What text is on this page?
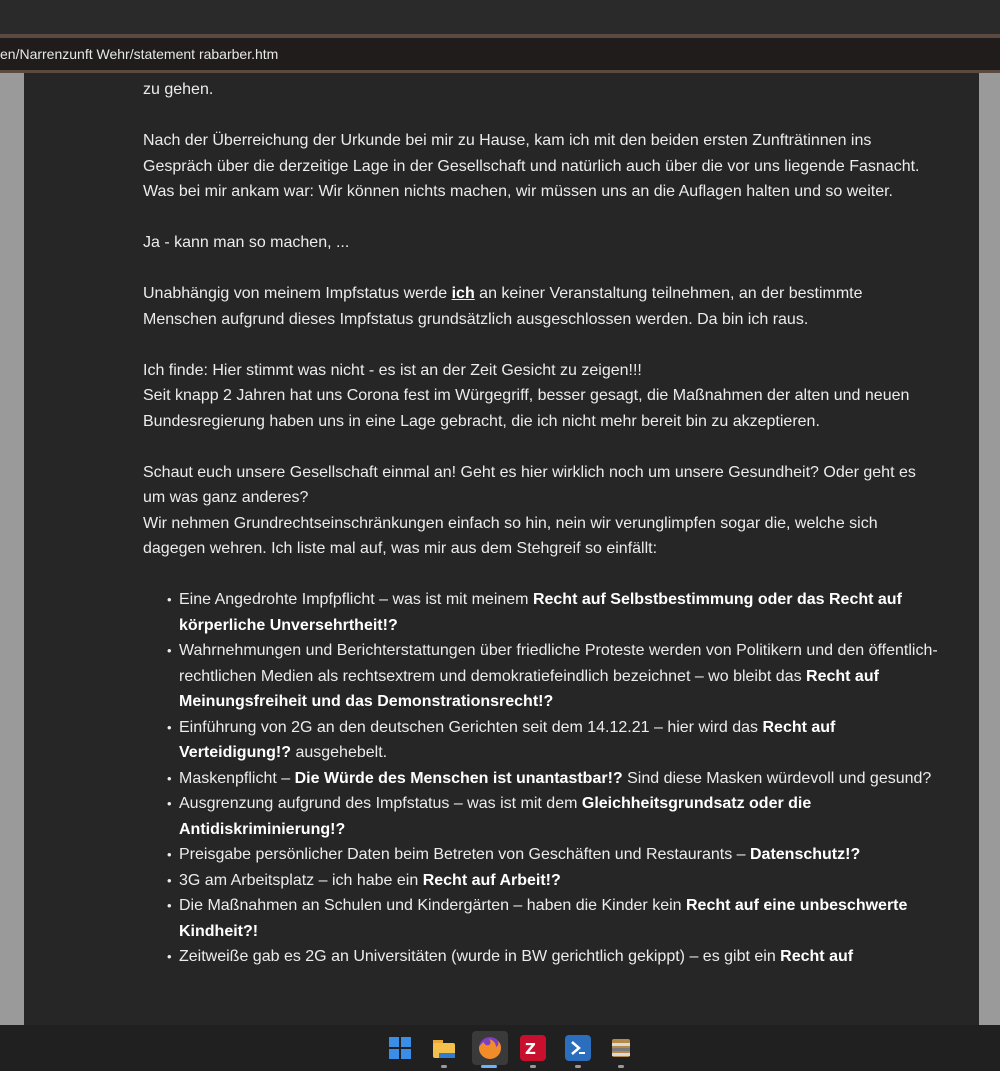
en/Narrenzunft Wehr/statement rabarber.htm

zu gehen.

Nach der Überreichung der Urkunde bei mir zu Hause, kam ich mit den beiden ersten Zunfträtinnen ins Gespräch über die derzeitige Lage in der Gesellschaft und natürlich auch über die vor uns liegende Fasnacht. Was bei mir ankam war: Wir können nichts machen, wir müssen uns an die Auflagen halten und so weiter.

Ja - kann man so machen, ...

Unabhängig von meinem Impfstatus werde ich an keiner Veranstaltung teilnehmen, an der bestimmte Menschen aufgrund dieses Impfstatus grundsätzlich ausgeschlossen werden. Da bin ich raus.

Ich finde: Hier stimmt was nicht - es ist an der Zeit Gesicht zu zeigen!!!
Seit knapp 2 Jahren hat uns Corona fest im Würgegriff, besser gesagt, die Maßnahmen der alten und neuen Bundesregierung haben uns in eine Lage gebracht, die ich nicht mehr bereit bin zu akzeptieren.

Schaut euch unsere Gesellschaft einmal an! Geht es hier wirklich noch um unsere Gesundheit? Oder geht es um was ganz anderes?
Wir nehmen Grundrechtseinschränkungen einfach so hin, nein wir verunglimpfen sogar die, welche sich dagegen wehren. Ich liste mal auf, was mir aus dem Stehgreif so einfällt:

• Eine Angedrohte Impfpflicht – was ist mit meinem Recht auf Selbstbestimmung oder das Recht auf körperliche Unversehrtheit!?
• Wahrnehmungen und Berichterstattungen über friedliche Proteste werden von Politikern und den öffentlich-rechtlichen Medien als rechtsextrem und demokratiefeindlich bezeichnet – wo bleibt das Recht auf Meinungsfreiheit und das Demonstrationsrecht!?
• Einführung von 2G an den deutschen Gerichten seit dem 14.12.21 – hier wird das Recht auf Verteidigung!? ausgehebelt.
• Maskenpflicht – Die Würde des Menschen ist unantastbar!? Sind diese Masken würdevoll und gesund?
• Ausgrenzung aufgrund des Impfstatus – was ist mit dem Gleichheitsgrundsatz oder die Antidiskriminierung!?
• Preisgabe persönlicher Daten beim Betreten von Geschäften und Restaurants – Datenschutz!?
• 3G am Arbeitsplatz – ich habe ein Recht auf Arbeit!?
• Die Maßnahmen an Schulen und Kindergärten – haben die Kinder kein Recht auf eine unbeschwerte Kindheit?!
• Zeitweiße gab es 2G an Universitäten (wurde in BW gerichtlich gekippt) – es gibt ein Recht auf
Z
